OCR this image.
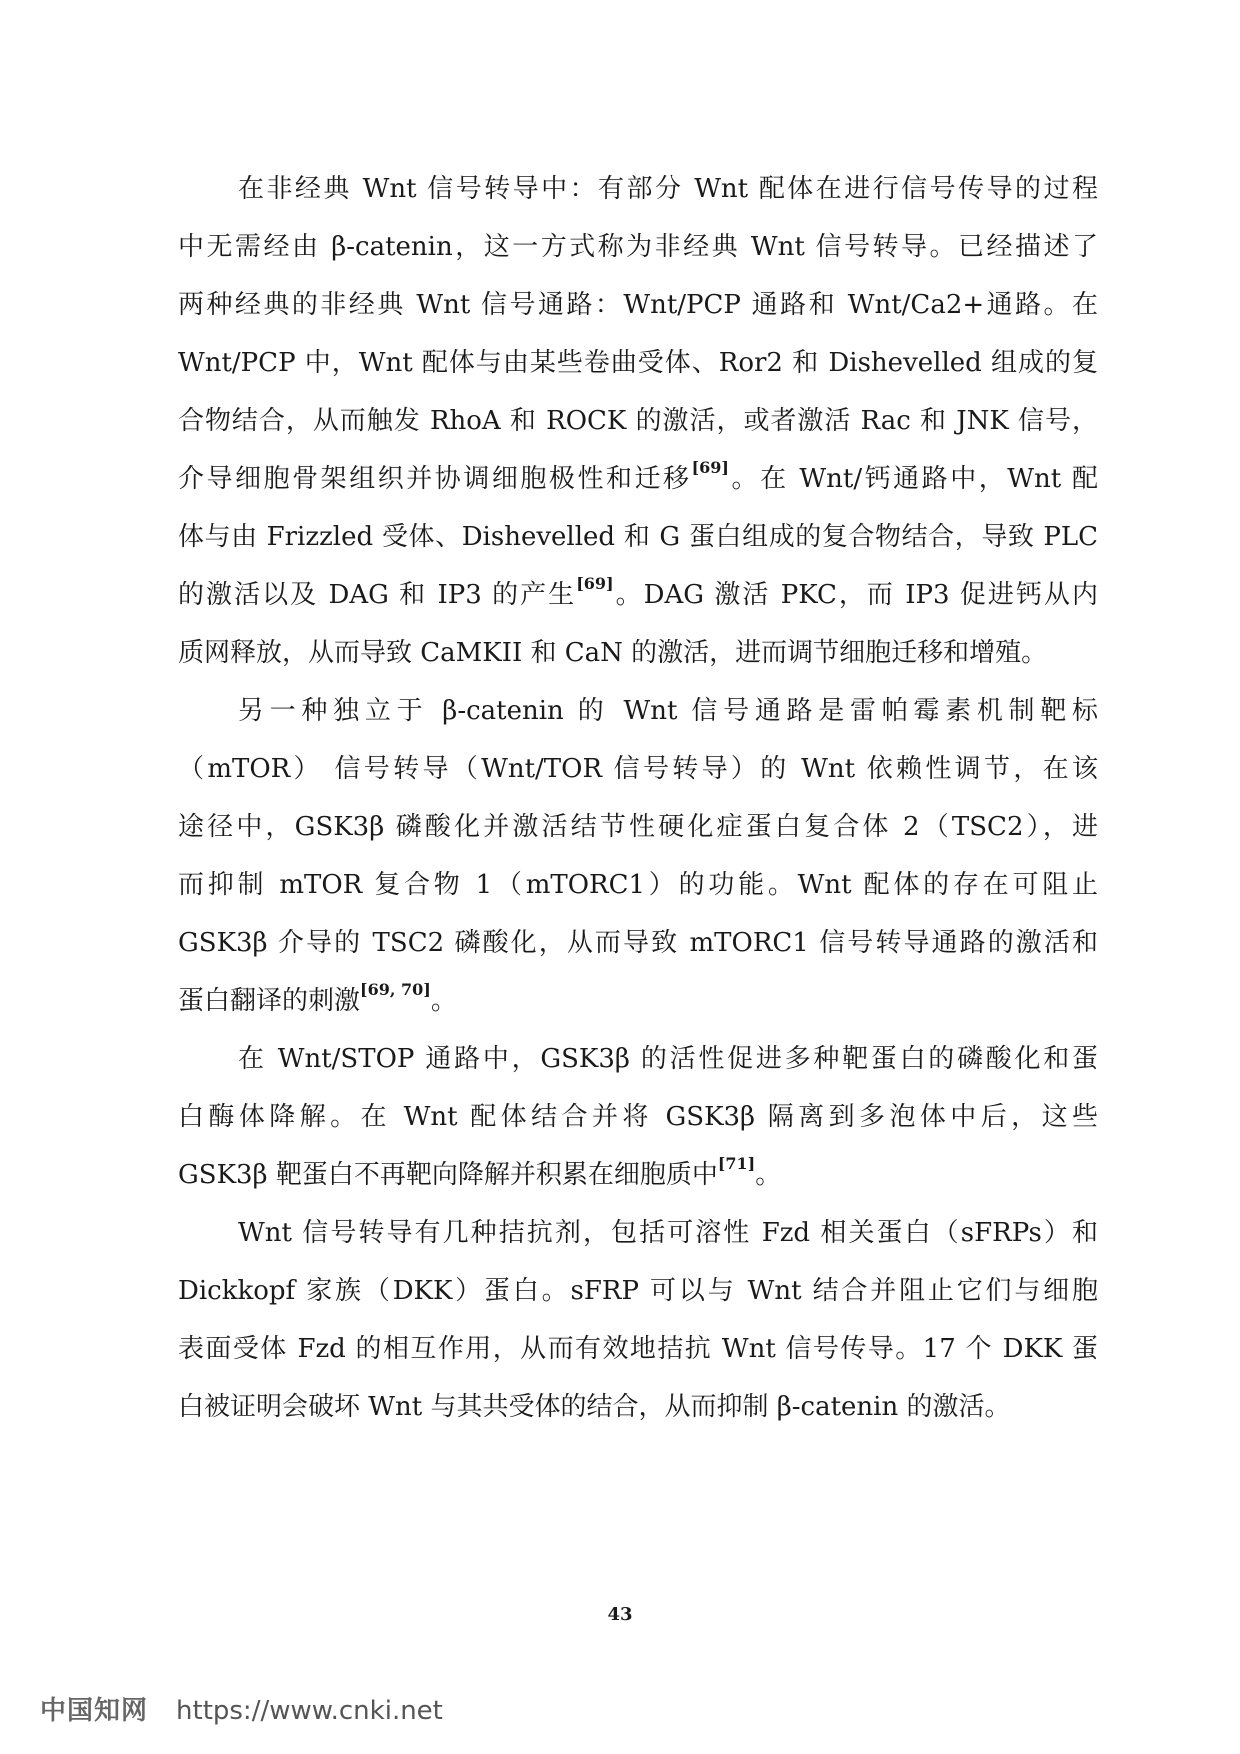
在非经典 Wnt 信号转导中：有部分 Wnt 配体在进行信号传导的过程
中无需经由 β-catenin，这一方式称为非经典 Wnt 信号转导。已经描述了
两种经典的非经典 Wnt 信号通路：Wnt/PCP 通路和 Wnt/Ca2+通路。在
Wnt/PCP 中，Wnt 配体与由某些卷曲受体、Ror2 和 Dishevelled 组成的复
合物结合，从而触发 RhoA 和 ROCK 的激活，或者激活 Rac 和 JNK 信号，
介导细胞骨架组织并协调细胞极性和迁移[69]。在 Wnt/钙通路中，Wnt 配
体与由 Frizzled 受体、Dishevelled 和 G 蛋白组成的复合物结合，导致 PLC
的激活以及 DAG 和 IP3 的产生[69]。DAG 激活 PKC，而 IP3 促进钙从内
质网释放，从而导致 CaMKII 和 CaN 的激活，进而调节细胞迁移和增殖。
另一种独立于 β-catenin 的 Wnt 信号通路是雷帕霉素机制靶标
（mTOR） 信号转导（Wnt/TOR 信号转导）的 Wnt 依赖性调节，在该
途径中，GSK3β 磷酸化并激活结节性硬化症蛋白复合体 2（TSC2），进
而抑制 mTOR 复合物 1（mTORC1）的功能。Wnt 配体的存在可阻止
GSK3β 介导的 TSC2 磷酸化，从而导致 mTORC1 信号转导通路的激活和
蛋白翻译的刺激[69, 70]。
在 Wnt/STOP 通路中，GSK3β 的活性促进多种靶蛋白的磷酸化和蛋
白酶体降解。在 Wnt 配体结合并将 GSK3β 隔离到多泡体中后，这些
GSK3β 靶蛋白不再靶向降解并积累在细胞质中[71]。
Wnt 信号转导有几种拮抗剂，包括可溶性 Fzd 相关蛋白（sFRPs）和
Dickkopf 家族（DKK）蛋白。sFRP 可以与 Wnt 结合并阻止它们与细胞
表面受体 Fzd 的相互作用，从而有效地拮抗 Wnt 信号传导。17 个 DKK 蛋
白被证明会破坏 Wnt 与其共受体的结合，从而抑制 β-catenin 的激活。
43
中国知网 https://www.cnki.net
